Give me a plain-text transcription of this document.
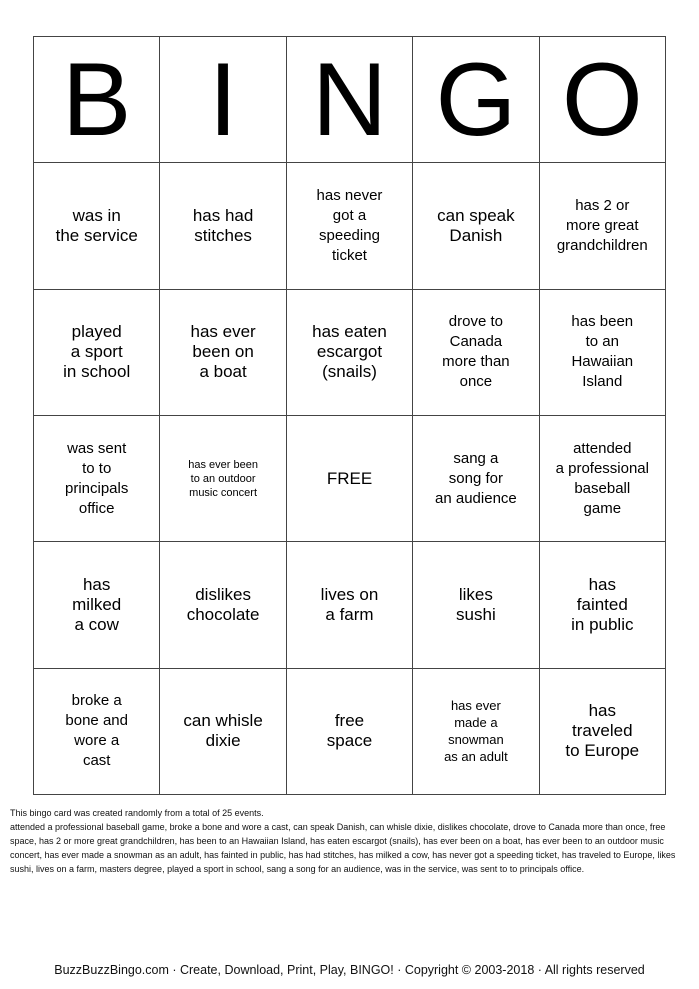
B I N G O
was in
the service
has had
stitches
has never
got a
speeding
ticket
can speak
Danish
has 2 or
more great
grandchildren
played
a sport
in school
has ever
been on
a boat
has eaten
escargot
(snails)
drove to
Canada
more than
once
has been
to an
Hawaiian
Island
was sent
to to
principals
office
has ever been
to an outdoor
music concert
FREE
sang a
song for
an audience
attended
a professional
baseball
game
has
milked
a cow
dislikes
chocolate
lives on
a farm
likes
sushi
has
fainted
in public
broke a
bone and
wore a
cast
can whisle
dixie
free
space
has ever
made a
snowman
as an adult
has
traveled
to Europe

This bingo card was created randomly from a total of 25 events.

attended a professional baseball game, broke a bone and wore a cast, can speak Danish, can whisle dixie, dislikes chocolate, drove to Canada more than once, free space, has 2 or more great grandchildren, has been to an Hawaiian Island, has eaten escargot (snails), has ever been on a boat, has ever been to an outdoor music concert, has ever made a snowman as an adult, has fainted in public, has had stitches, has milked a cow, has never got a speeding ticket, has traveled to Europe, likes sushi, lives on a farm, masters degree, played a sport in school, sang a song for an audience, was in the service, was sent to to principals office.

BuzzBuzzBingo.com · Create, Download, Print, Play, BINGO! · Copyright © 2003-2018 · All rights reserved
